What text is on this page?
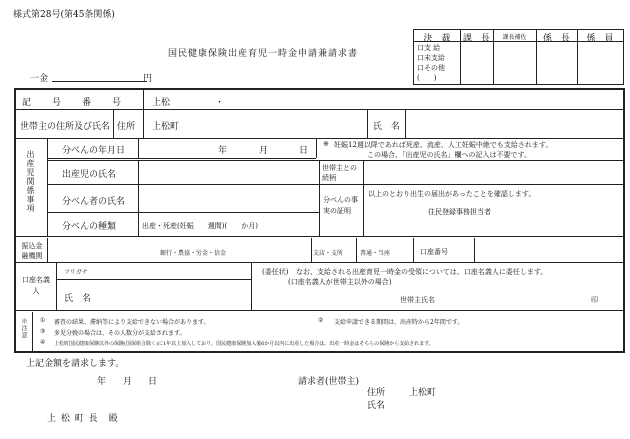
様式第28号(第45条関係)
国民健康保険出産育児一時金申請兼請求書
一金	円
決　裁	課　長	課長補佐	係　長	係　員
口支 給
口未支給
口その他
(　　)
記　　号　　番　　号	上松	・
世帯主の住所及び氏名 住所 上松町	氏　名
出産児関係事項	分べんの年月日	年	月	日
※ 妊娠12週以降であれば死産、流産、人工妊娠中絶でも支給されます。
この場合、「出産児の氏名」欄への記入は不要です。
出産児の氏名
世帯主との続柄
分べん者の氏名	分べんの事実の証明
以上のとおり出生の届出があったことを確認します。
住民登録事務担当者
分べんの種類	出産・死産(妊娠　　週間)(　　か月)
振込金融機関	銀行・農協・労金・信金	支店・支所	普通・当座	口座番号
口座名義人
フリガナ
氏　名
(委任状) なお、支給される出産育児一時金の受領については、口座名義人に委任します。
(口座名義人が世帯主以外の場合)
世帯主氏名	印
※注意 ① 審査の結果、滞納等により支給できない場合があります。	② 支給申請できる期間は、出産時から2年間です。
③ 多児分娩の場合は、その人数分が支給されます。
④ 上松町国民健康保険以外の保険(国保組合除く)に1年以上加入しており、国民健康保険加入後6か月以内に出産した場合は、出産一時金はそちらの保険から支給されます。
上記金額を請求します。
年 月 日	請求者(世帯主)
住所	上松町
氏名
上 松 町 長　殿
